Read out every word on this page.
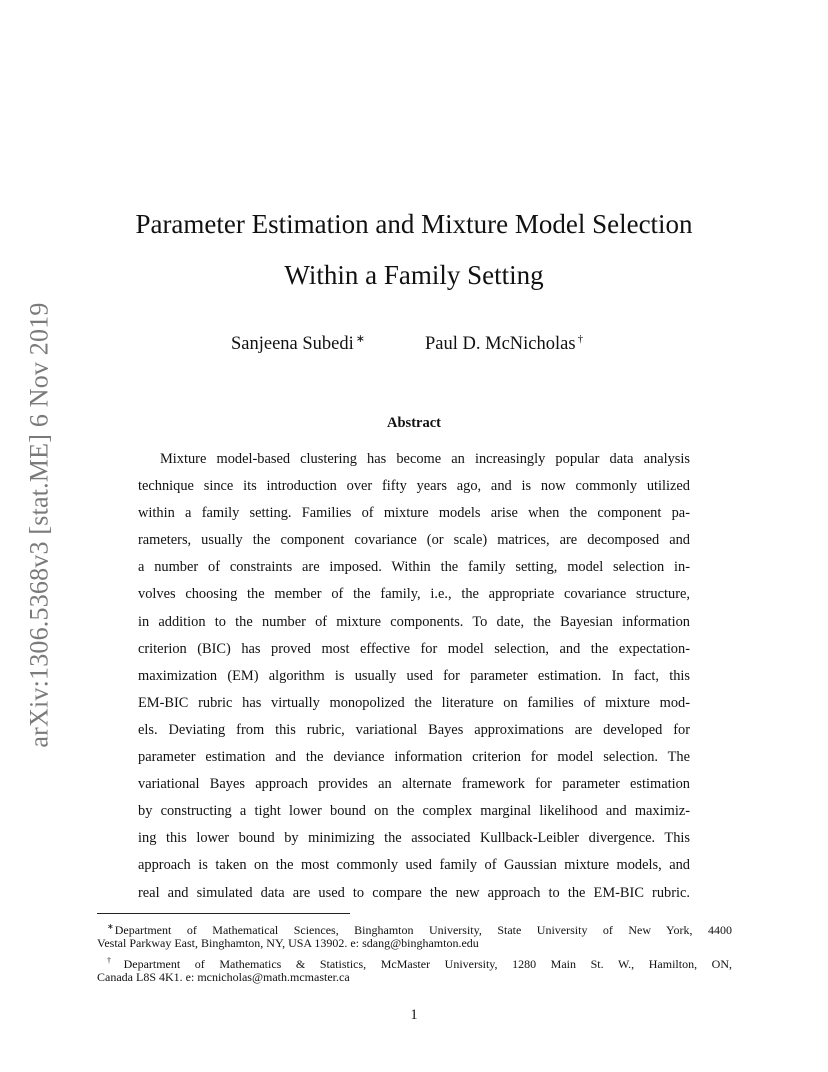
arXiv:1306.5368v3 [stat.ME] 6 Nov 2019
Parameter Estimation and Mixture Model Selection
Within a Family Setting
Sanjeena Subedi ∗	Paul D. McNicholas †
Abstract
Mixture model-based clustering has become an increasingly popular data analysis
technique since its introduction over fifty years ago, and is now commonly utilized
within a family setting. Families of mixture models arise when the component pa-
rameters, usually the component covariance (or scale) matrices, are decomposed and
a number of constraints are imposed. Within the family setting, model selection in-
volves choosing the member of the family, i.e., the appropriate covariance structure,
in addition to the number of mixture components. To date, the Bayesian information
criterion (BIC) has proved most effective for model selection, and the expectation-
maximization (EM) algorithm is usually used for parameter estimation. In fact, this
EM-BIC rubric has virtually monopolized the literature on families of mixture mod-
els. Deviating from this rubric, variational Bayes approximations are developed for
parameter estimation and the deviance information criterion for model selection. The
variational Bayes approach provides an alternate framework for parameter estimation
by constructing a tight lower bound on the complex marginal likelihood and maximiz-
ing this lower bound by minimizing the associated Kullback-Leibler divergence. This
approach is taken on the most commonly used family of Gaussian mixture models, and
real and simulated data are used to compare the new approach to the EM-BIC rubric.
∗Department of Mathematical Sciences, Binghamton University, State University of New York, 4400
Vestal Parkway East, Binghamton, NY, USA 13902. e: sdang@binghamton.edu
†Department of Mathematics & Statistics, McMaster University, 1280 Main St. W., Hamilton, ON,
Canada L8S 4K1. e: mcnicholas@math.mcmaster.ca
1
